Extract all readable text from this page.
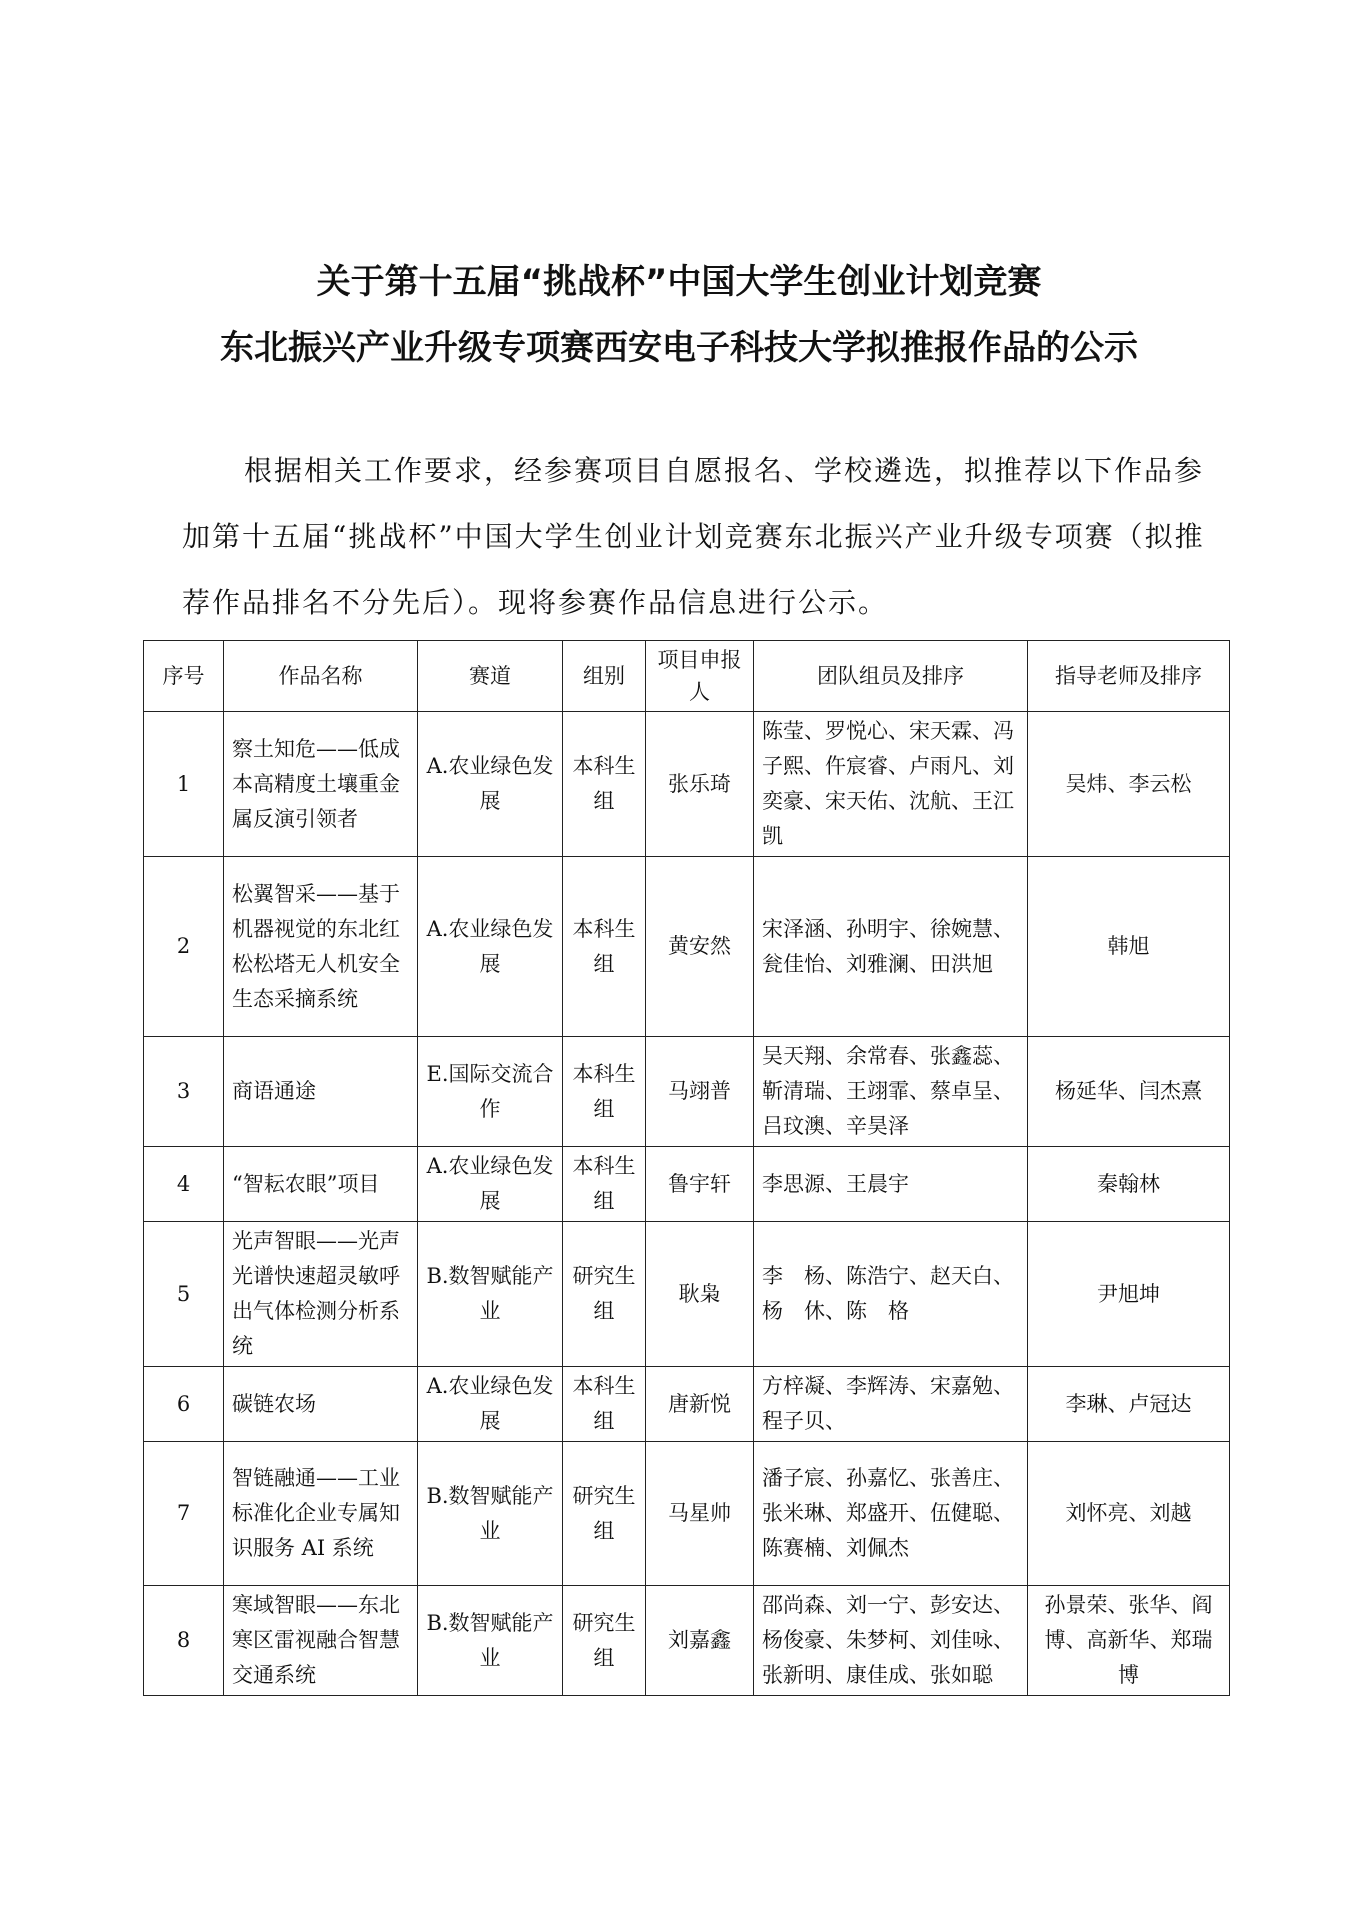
关于第十五届“挑战杯”中国大学生创业计划竞赛
东北振兴产业升级专项赛西安电子科技大学拟推报作品的公示

根据相关工作要求，经参赛项目自愿报名、学校遴选，拟推荐以下作品参加第十五届“挑战杯”中国大学生创业计划竞赛东北振兴产业升级专项赛（拟推荐作品排名不分先后）。现将参赛作品信息进行公示。

序号	作品名称	赛道	组别	项目申报人	团队组员及排序	指导老师及排序
1	察土知危——低成本高精度土壤重金属反演引领者	A.农业绿色发展	本科生组	张乐琦	陈莹、罗悦心、宋天霖、冯子熙、仵宸睿、卢雨凡、刘奕豪、宋天佑、沈航、王江凯	吴炜、李云松
2	松翼智采——基于机器视觉的东北红松松塔无人机安全生态采摘系统	A.农业绿色发展	本科生组	黄安然	宋泽涵、孙明宇、徐婉慧、瓮佳怡、刘雅澜、田洪旭	韩旭
3	商语通途	E.国际交流合作	本科生组	马翊普	吴天翔、余常春、张鑫蕊、靳清瑞、王翊霏、蔡卓呈、吕玟澳、辛昊泽	杨延华、闫杰熹
4	“智耘农眼”项目	A.农业绿色发展	本科生组	鲁宇轩	李思源、王晨宇	秦翰林
5	光声智眼——光声光谱快速超灵敏呼出气体检测分析系统	B.数智赋能产业	研究生组	耿枭	李　杨、陈浩宁、赵天白、杨　休、陈　格	尹旭坤
6	碳链农场	A.农业绿色发展	本科生组	唐新悦	方梓凝、李辉涛、宋嘉勉、程子贝、	李琳、卢冠达
7	智链融通——工业标准化企业专属知识服务 AI 系统	B.数智赋能产业	研究生组	马星帅	潘子宸、孙嘉忆、张善庄、张米琳、郑盛开、伍健聪、陈赛楠、刘佩杰	刘怀亮、刘越
8	寒域智眼——东北寒区雷视融合智慧交通系统	B.数智赋能产业	研究生组	刘嘉鑫	邵尚森、刘一宁、彭安达、杨俊豪、朱梦柯、刘佳咏、张新明、康佳成、张如聪	孙景荣、张华、阎博、高新华、郑瑞博
